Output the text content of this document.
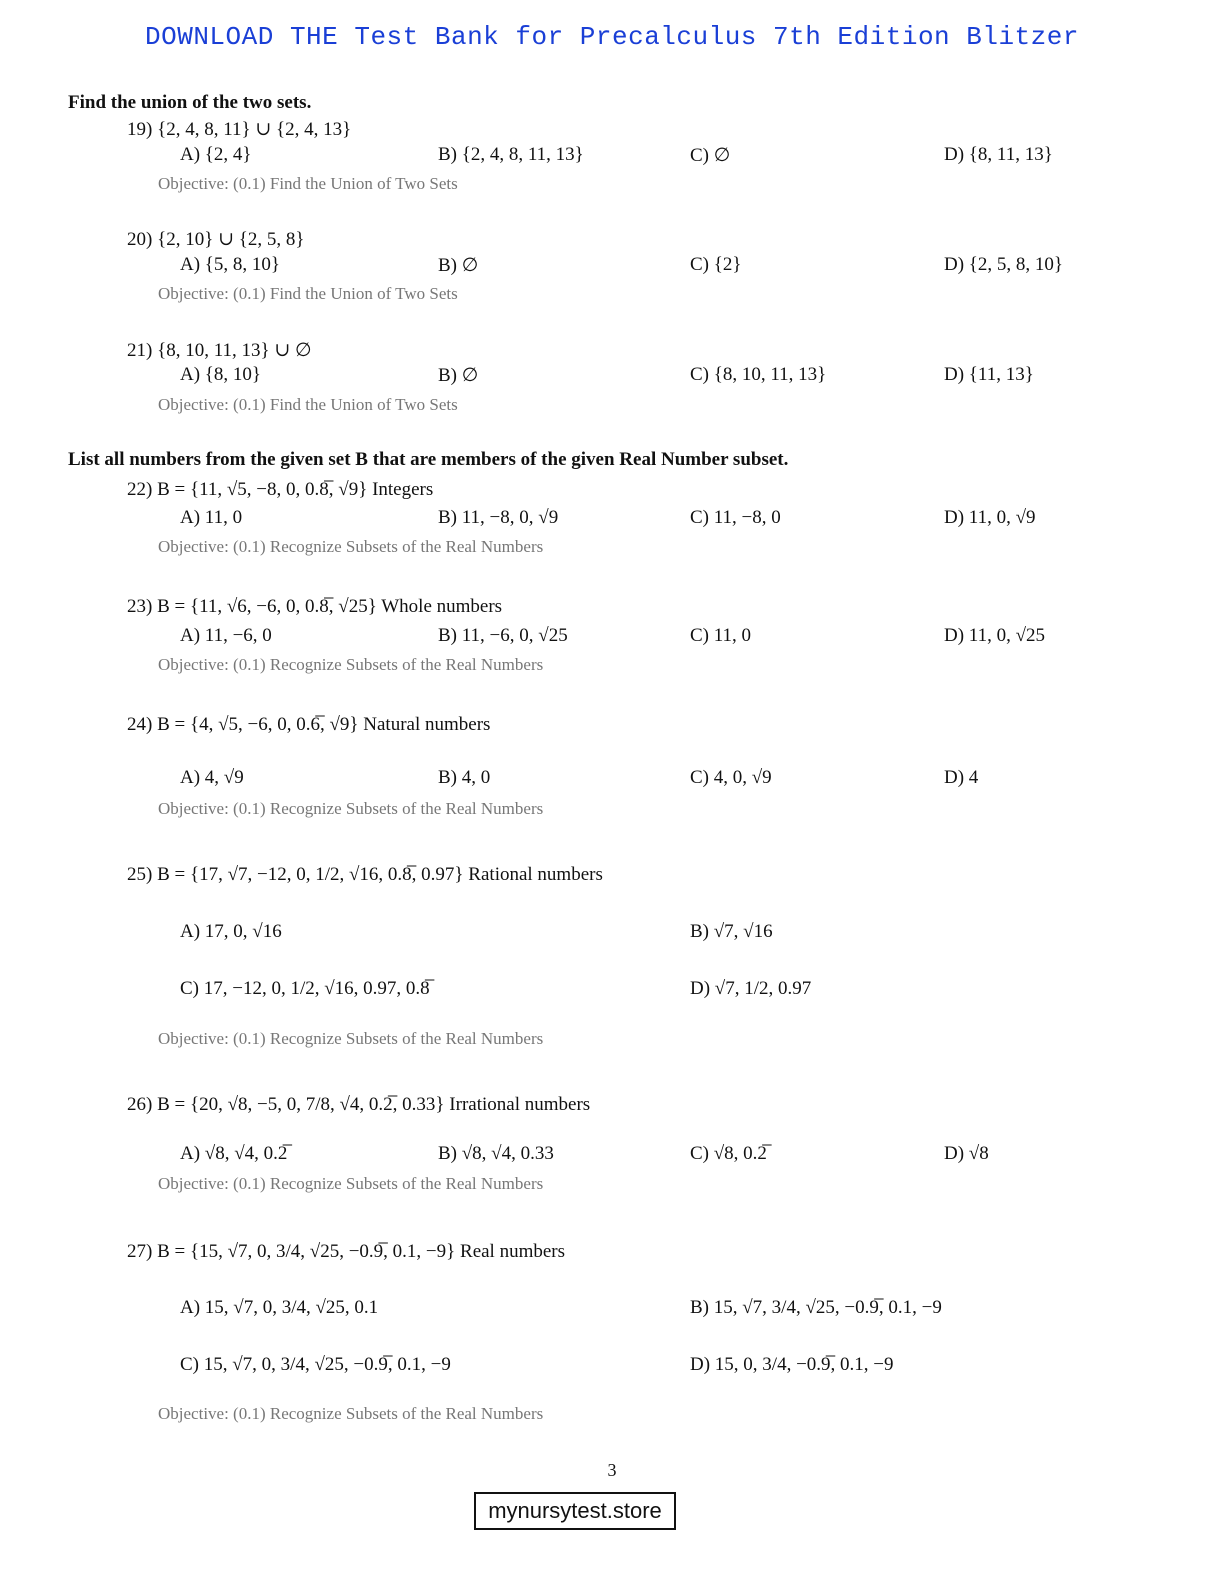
DOWNLOAD THE Test Bank for Precalculus 7th Edition Blitzer
Find the union of the two sets.
19) {2, 4, 8, 11} ∪ {2, 4, 13}
A) {2, 4}	B) {2, 4, 8, 11, 13}	C) ∅	D) {8, 11, 13}
Objective: (0.1) Find the Union of Two Sets
20) {2, 10} ∪ {2, 5, 8}
A) {5, 8, 10}	B) ∅	C) {2}	D) {2, 5, 8, 10}
Objective: (0.1) Find the Union of Two Sets
21) {8, 10, 11, 13} ∪ ∅
A) {8, 10}	B) ∅	C) {8, 10, 11, 13}	D) {11, 13}
Objective: (0.1) Find the Union of Two Sets
List all numbers from the given set B that are members of the given Real Number subset.
22) B = {11, √5, −8, 0, 0.8̅, √9} Integers
A) 11, 0	B) 11, −8, 0, √9	C) 11, −8, 0	D) 11, 0, √9
Objective: (0.1) Recognize Subsets of the Real Numbers
23) B = {11, √6, −6, 0, 0.8̅, √25} Whole numbers
A) 11, −6, 0	B) 11, −6, 0, √25	C) 11, 0	D) 11, 0, √25
Objective: (0.1) Recognize Subsets of the Real Numbers
24) B = {4, √5, −6, 0, 0.6̅, √9} Natural numbers
A) 4, √9	B) 4, 0	C) 4, 0, √9	D) 4
Objective: (0.1) Recognize Subsets of the Real Numbers
25) B = {17, √7, −12, 0, 1/2, √16, 0.8̅, 0.97} Rational numbers
A) 17, 0, √16	B) √7, √16
C) 17, −12, 0, 1/2, √16, 0.97, 0.8̅	D) √7, 1/2, 0.97
Objective: (0.1) Recognize Subsets of the Real Numbers
26) B = {20, √8, −5, 0, 7/8, √4, 0.2̅, 0.33} Irrational numbers
A) √8, √4, 0.2̅	B) √8, √4, 0.33	C) √8, 0.2̅	D) √8
Objective: (0.1) Recognize Subsets of the Real Numbers
27) B = {15, √7, 0, 3/4, √25, −0.9̅, 0.1, −9} Real numbers
A) 15, √7, 0, 3/4, √25, 0.1	B) 15, √7, 3/4, √25, −0.9̅, 0.1, −9
C) 15, √7, 0, 3/4, √25, −0.9̅, 0.1, −9	D) 15, 0, 3/4, −0.9̅, 0.1, −9
Objective: (0.1) Recognize Subsets of the Real Numbers
3
mynursytest.store
